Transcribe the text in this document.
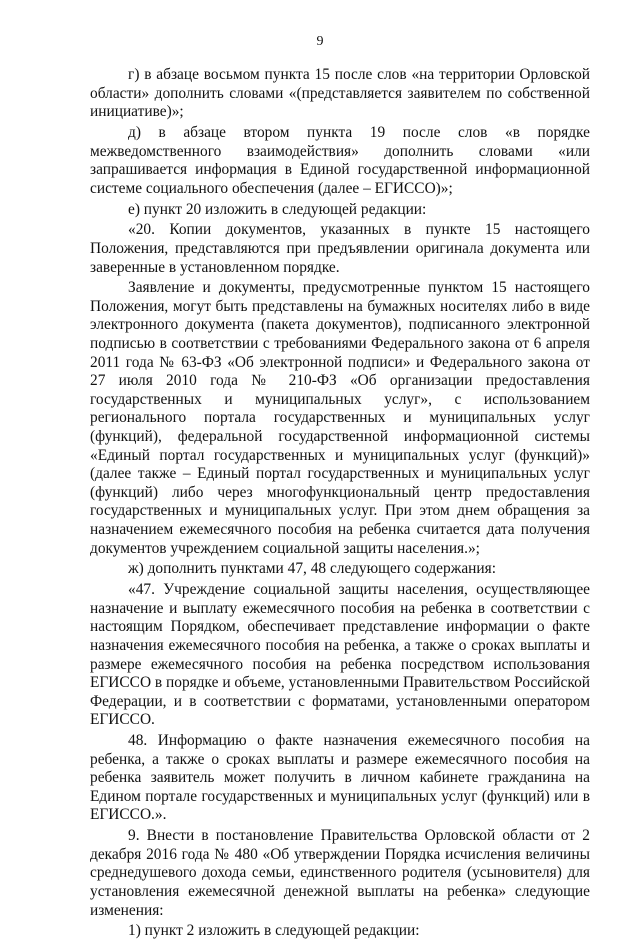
9

г) в абзаце восьмом пункта 15 после слов «на территории Орловской области» дополнить словами «(представляется заявителем по собственной инициативе)»;

д) в абзаце втором пункта 19 после слов «в порядке межведомственного взаимодействия» дополнить словами «или запрашивается информация в Единой государственной информационной системе социального обеспечения (далее – ЕГИССО)»;

е) пункт 20 изложить в следующей редакции:

«20. Копии документов, указанных в пункте 15 настоящего Положения, представляются при предъявлении оригинала документа или заверенные в установленном порядке.

Заявление и документы, предусмотренные пунктом 15 настоящего Положения, могут быть представлены на бумажных носителях либо в виде электронного документа (пакета документов), подписанного электронной подписью в соответствии с требованиями Федерального закона от 6 апреля 2011 года № 63-ФЗ «Об электронной подписи» и Федерального закона от 27 июля 2010 года № 210-ФЗ «Об организации предоставления государственных и муниципальных услуг», с использованием регионального портала государственных и муниципальных услуг (функций), федеральной государственной информационной системы «Единый портал государственных и муниципальных услуг (функций)» (далее также – Единый портал государственных и муниципальных услуг (функций) либо через многофункциональный центр предоставления государственных и муниципальных услуг. При этом днем обращения за назначением ежемесячного пособия на ребенка считается дата получения документов учреждением социальной защиты населения.»;

ж) дополнить пунктами 47, 48 следующего содержания:

«47. Учреждение социальной защиты населения, осуществляющее назначение и выплату ежемесячного пособия на ребенка в соответствии с настоящим Порядком, обеспечивает представление информации о факте назначения ежемесячного пособия на ребенка, а также о сроках выплаты и размере ежемесячного пособия на ребенка посредством использования ЕГИССО в порядке и объеме, установленными Правительством Российской Федерации, и в соответствии с форматами, установленными оператором ЕГИССО.

48. Информацию о факте назначения ежемесячного пособия на ребенка, а также о сроках выплаты и размере ежемесячного пособия на ребенка заявитель может получить в личном кабинете гражданина на Едином портале государственных и муниципальных услуг (функций) или в ЕГИССО.».

9. Внести в постановление Правительства Орловской области от 2 декабря 2016 года № 480 «Об утверждении Порядка исчисления величины среднедушевого дохода семьи, единственного родителя (усыновителя) для установления ежемесячной денежной выплаты на ребенка» следующие изменения:

1) пункт 2 изложить в следующей редакции:
